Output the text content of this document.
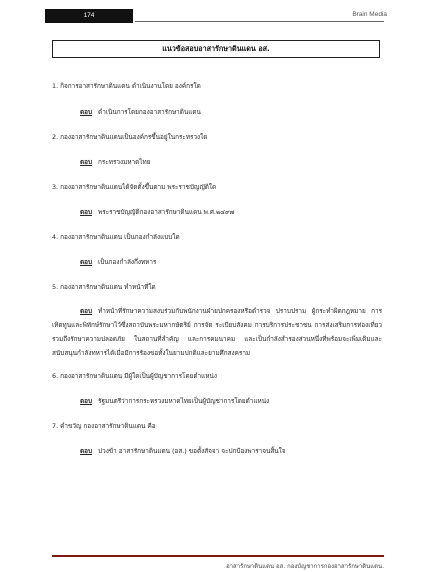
174	Brain Media
แนวข้อสอบอาสารักษาดินแดน อส.

1. กิจการอาสารักษาดินแดน ดำเนินงานโดย องค์กรใด

ตอบ ดำเนินการโดยกองอาสารักษาดินแดน

2. กองอาสารักษาดินแดนเป็นองค์กรขึ้นอยู่ในกระทรวงใด

ตอบ กระทรวงมหาดไทย

3. กองอาสารักษาดินแดนได้จัดตั้งขึ้นตาม พระราชบัญญัติใด

ตอบ พระราชบัญญัติกองอาสารักษาดินแดน พ.ศ.๒๔๙๗

4. กองอาสารักษาดินแดน เป็นกองกำลังแบบใด

ตอบ เป็นกองกำลังกึ่งทหาร

5. กองอาสารักษาดินแดน ทำหน้าที่ใด

ตอบ ทำหน้าที่รักษาความสงบร่วมกับพนักงานฝ่ายปกครองหรือตำรวจ ปราบปราม ผู้กระทำผิดกฎหมาย การเทิดทูนและพิทักษ์รักษาไว้ซึ่งสถาบันพระมหากษัตริย์ การจัด ระเบียบสังคม การบริการประชาชน การส่งเสริมการท่องเที่ยว รวมถึงรักษาความปลอดภัย ในสถานที่สำคัญ และการคมนาคม และเป็นกำลังสำรองส่วนหนึ่งที่พร้อมจะเพิ่มเติมและ สนับสนุนกำลังทหารได้เมื่อมีการร้องขอทั้งในยามปกติและยามศึกสงคราม

6. กองอาสารักษาดินแดน มีผู้ใดเป็นผู้บัญชาการโดยตำแหน่ง

ตอบ รัฐมนตรีว่าการกระทรวงมหาดไทยเป็นผู้บัญชาการโดยตำแหน่ง

7. คำขวัญ กองอาสารักษาดินแดน คือ

ตอบ ปวงข้า อาสารักษาดินแดน (อส.) ขอตั้งสัจจา จะปกป้องพาราจนสิ้นใจ

อาสารักษาดินแดน อส. กองบัญชาการกองอาสารักษาดินแดน.
